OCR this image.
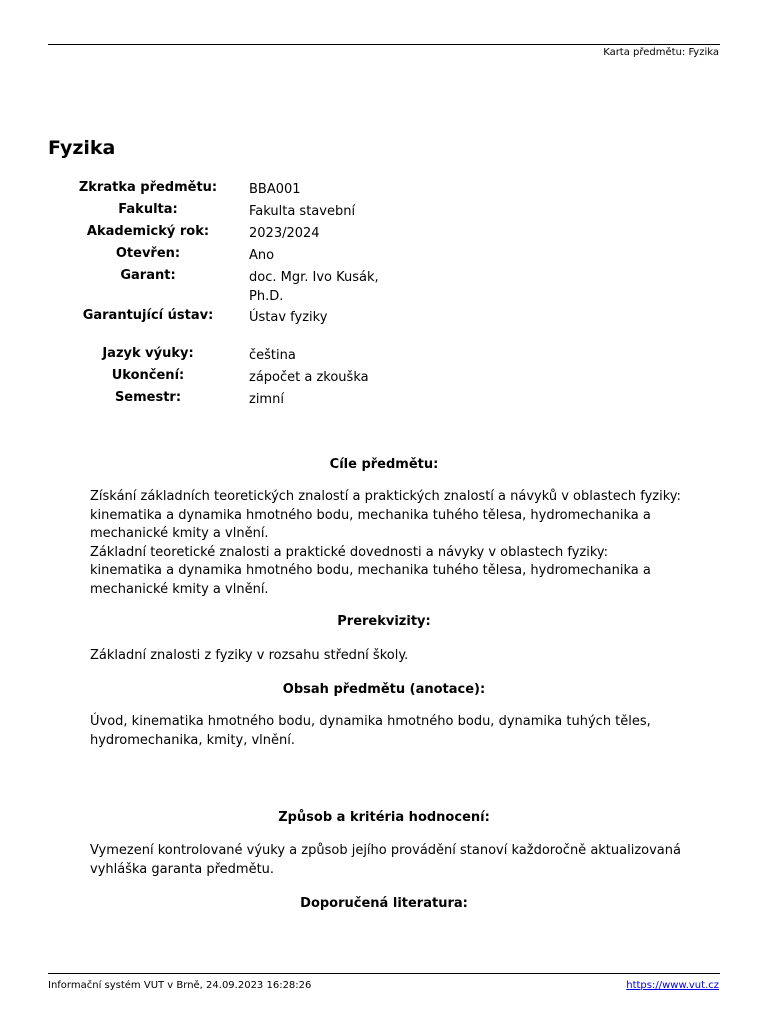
Karta předmětu: Fyzika
Fyzika
Zkratka předmětu:	BBA001
Fakulta:	Fakulta stavební
Akademický rok:	2023/2024
Otevřen:	Ano
Garant:	doc. Mgr. Ivo Kusák, Ph.D.
Garantující ústav:	Ústav fyziky
Jazyk výuky:	čeština
Ukončení:	zápočet a zkouška
Semestr:	zimní
Cíle předmětu:
Získání základních teoretických znalostí a praktických znalostí a návyků v oblastech fyziky: kinematika a dynamika hmotného bodu, mechanika tuhého tělesa, hydromechanika a mechanické kmity a vlnění.
Základní teoretické znalosti a praktické dovednosti a návyky v oblastech fyziky: kinematika a dynamika hmotného bodu, mechanika tuhého tělesa, hydromechanika a mechanické kmity a vlnění.
Prerekvizity:
Základní znalosti z fyziky v rozsahu střední školy.
Obsah předmětu (anotace):
Úvod, kinematika hmotného bodu, dynamika hmotného bodu, dynamika tuhých těles, hydromechanika, kmity, vlnění.
Způsob a kritéria hodnocení:
Vymezení kontrolované výuky a způsob jejího provádění stanoví každoročně aktualizovaná vyhláška garanta předmětu.
Doporučená literatura:
Informační systém VUT v Brně, 24.09.2023 16:28:26	https://www.vut.cz
